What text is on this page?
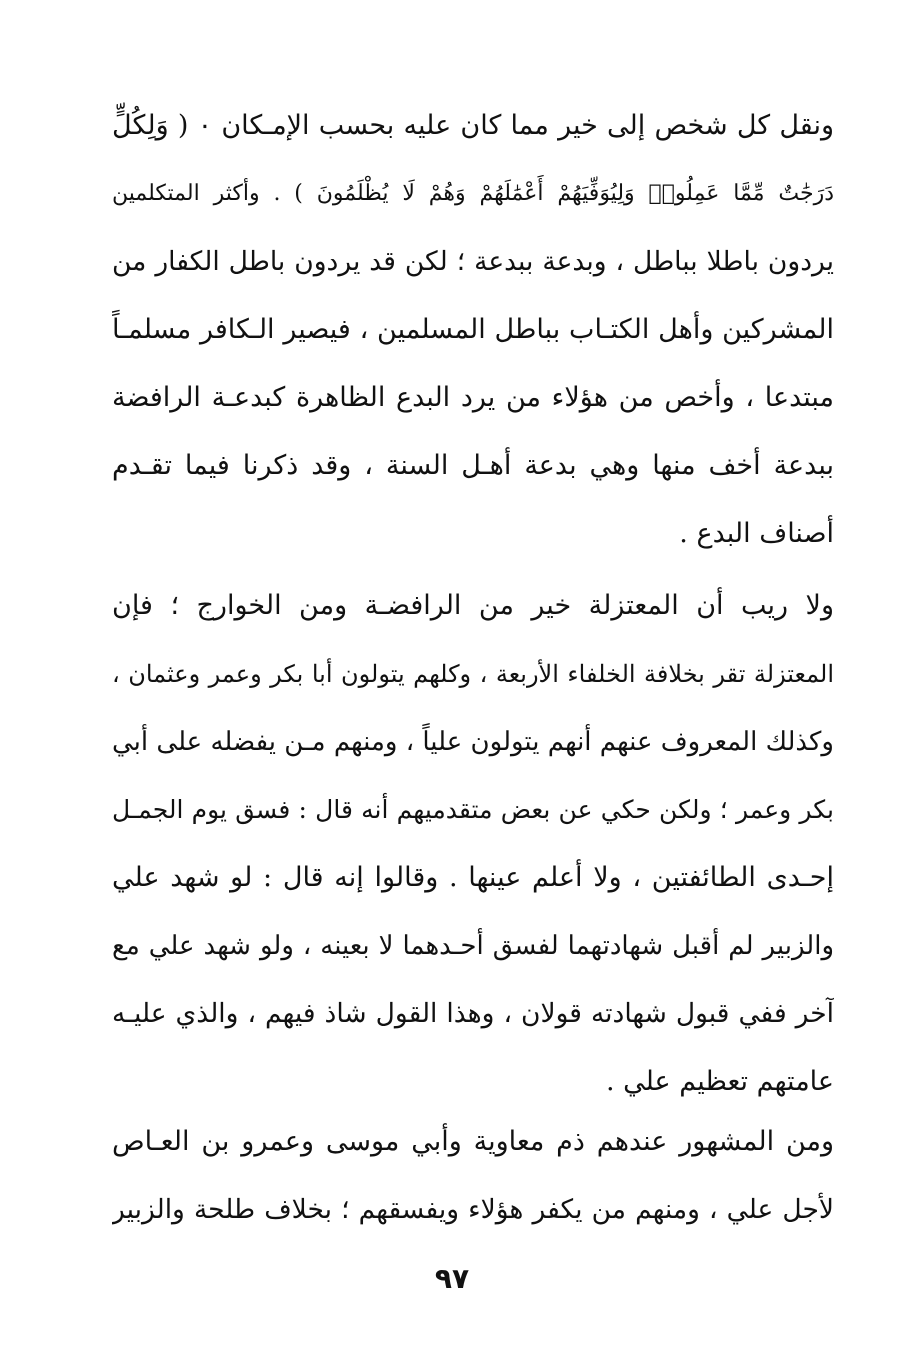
ونقل كل شخص إلى خير مما كان عليه بحسب الإمـكان ۰ ( وَلِكُلٍّ
دَرَجَٰتٌ مِّمَّا عَمِلُوا۟ وَلِيُوَفِّيَهُمْ أَعْمَٰلَهُمْ وَهُمْ لَا يُظْلَمُونَ ) . وأكثر المتكلمين
يردون باطلا بباطل ، وبدعة ببدعة ؛ لكن قد يردون باطل الكفار من
المشركين وأهل الكتـاب بباطل المسلمين ، فيصير الـكافر مسلمـاً
مبتدعا ، وأخص من هؤلاء من يرد البدع الظاهرة كبدعـة الرافضة
ببدعة أخف منها وهي بدعة أهـل السنة ، وقد ذكرنا فيما تقـدم
أصناف البدع .
ولا ريب أن المعتزلة خير من الرافضـة ومن الخوارج ؛ فإن
المعتزلة تقر بخلافة الخلفاء الأربعة ، وكلهم يتولون أبا بكر وعمر وعثمان ،
وكذلك المعروف عنهم أنهم يتولون علياً ، ومنهم مـن يفضله على أبي
بكر وعمر ؛ ولكن حكي عن بعض متقدميهم أنه قال : فسق يوم الجمـل
إحـدى الطائفتين ، ولا أعلم عينها . وقالوا إنه قال : لو شهد علي
والزبير لم أقبل شهادتهما لفسق أحـدهما لا بعينه ، ولو شهد علي مع
آخر ففي قبول شهادته قولان ، وهذا القول شاذ فيهم ، والذي عليـه
عامتهم تعظيم علي .
ومن المشهور عندهم ذم معاوية وأبي موسى وعمرو بن العـاص
لأجل علي ، ومنهم من يكفر هؤلاء ويفسقهم ؛ بخلاف طلحة والزبير
٩٧
